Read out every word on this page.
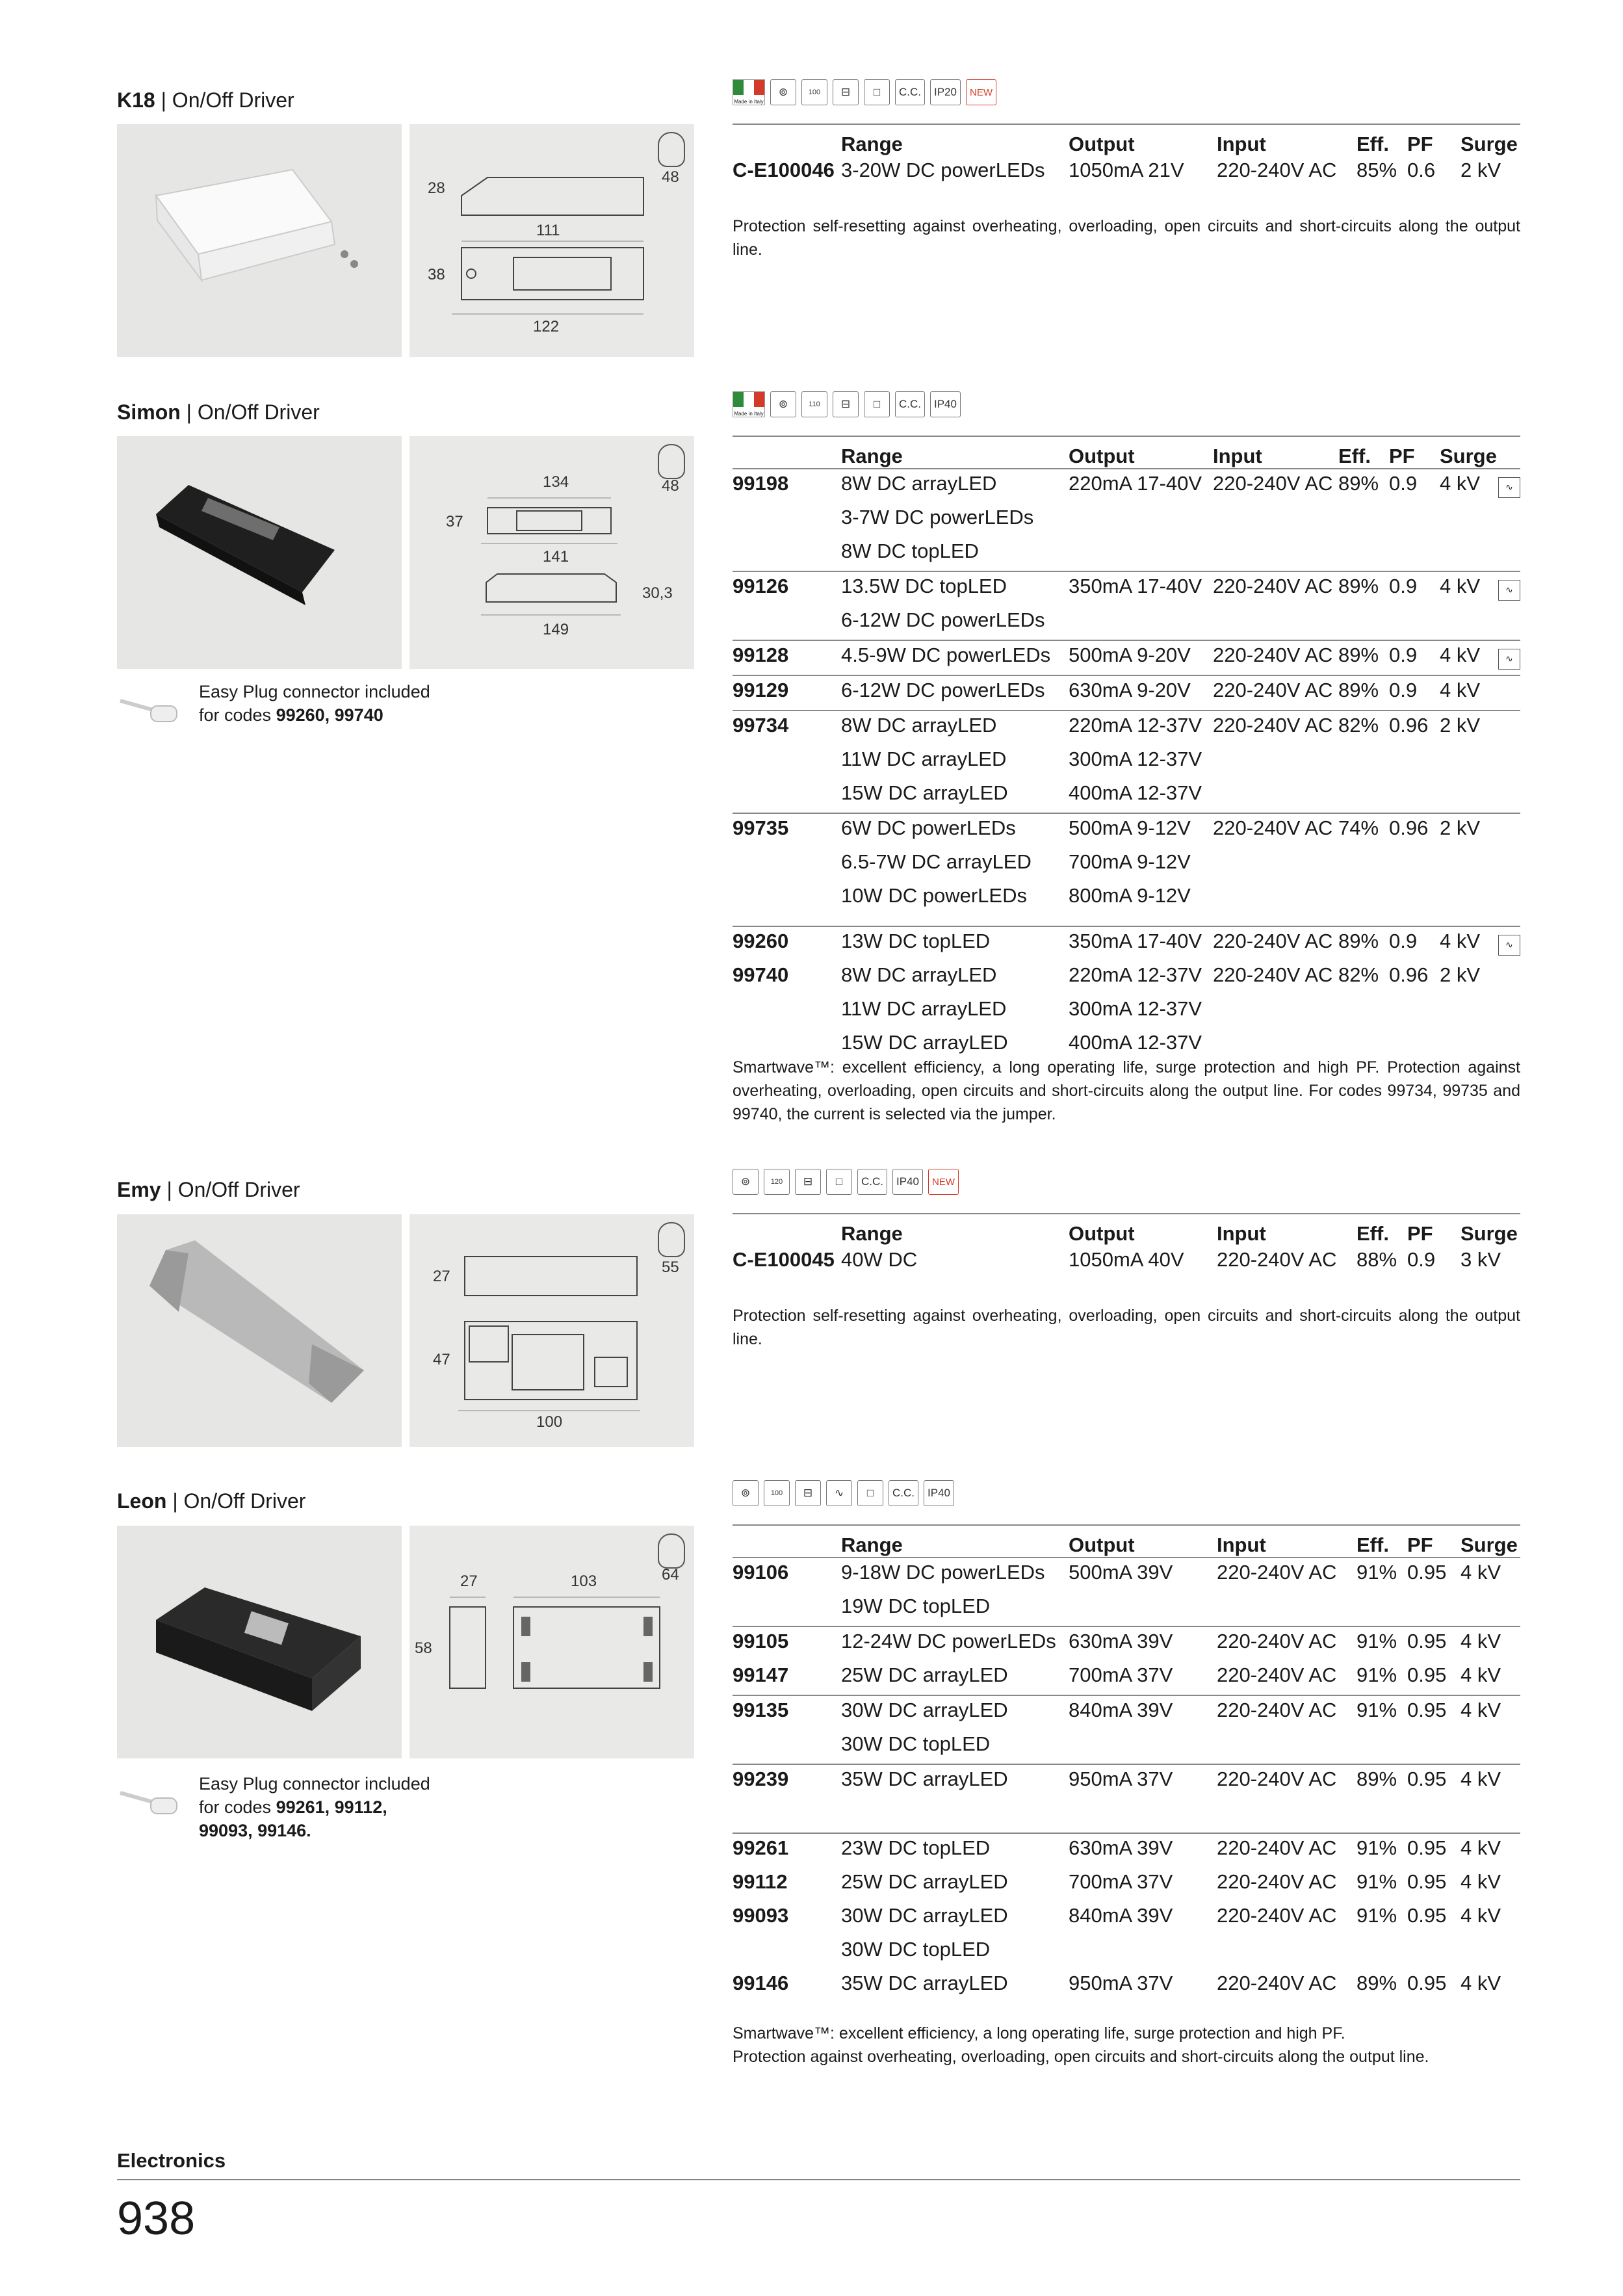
K18 | On/Off Driver
28
48
111
38
122
Made in Italy
⊚	100	⊟	□	C.C.	IP20	NEW
	Range	Output	Input	Eff.	PF	Surge
C-E100046	3-20W DC powerLEDs	1050mA 21V	220-240V AC	85%	0.6	2 kV
Protection self-resetting against overheating, overloading, open circuits and short-circuits along the output line.
Simon | On/Off Driver
134	48
37
141
30,3
149
Easy Plug connector included
for codes 99260, 99740
Made in Italy
⊚	110	⊟	□	C.C.	IP40
	Range	Output	Input	Eff.	PF	Surge	
99198	8W DC arrayLED	220mA 17-40V	220-240V AC	89%	0.9	4 kV	∿
	3-7W DC powerLEDs						
	8W DC topLED						
99126	13.5W DC topLED	350mA 17-40V	220-240V AC	89%	0.9	4 kV	∿
	6-12W DC powerLEDs						
99128	4.5-9W DC powerLEDs	500mA 9-20V	220-240V AC	89%	0.9	4 kV	∿
99129	6-12W DC powerLEDs	630mA 9-20V	220-240V AC	89%	0.9	4 kV	
99734	8W DC arrayLED	220mA 12-37V	220-240V AC	82%	0.96	2 kV	
	11W DC arrayLED	300mA 12-37V					
	15W DC arrayLED	400mA 12-37V					
99735	6W DC powerLEDs	500mA 9-12V	220-240V AC	74%	0.96	2 kV	
	6.5-7W DC arrayLED	700mA 9-12V					
	10W DC powerLEDs	800mA 9-12V					

99260	13W DC topLED	350mA 17-40V	220-240V AC	89%	0.9	4 kV	∿
99740	8W DC arrayLED	220mA 12-37V	220-240V AC	82%	0.96	2 kV	
	11W DC arrayLED	300mA 12-37V					
	15W DC arrayLED	400mA 12-37V					
Smartwave™: excellent efficiency, a long operating life, surge protection and high PF. Protection against overheating, overloading, open circuits and short-circuits along the output line. For codes 99734, 99735 and 99740, the current is selected via the jumper.
Emy | On/Off Driver
27
55
47
100
⊚	120	⊟	□	C.C.	IP40	NEW
	Range	Output	Input	Eff.	PF	Surge
C-E100045	40W DC	1050mA 40V	220-240V AC	88%	0.9	3 kV
Protection self-resetting against overheating, overloading, open circuits and short-circuits along the output line.
Leon | On/Off Driver
27	103	64
58
Easy Plug connector included
for codes 99261, 99112,
99093, 99146.
⊚	100	⊟	∿	□	C.C.	IP40
	Range	Output	Input	Eff.	PF	Surge
99106	9-18W DC powerLEDs	500mA 39V	220-240V AC	91%	0.95	4 kV
	19W DC topLED					
99105	12-24W DC powerLEDs	630mA 39V	220-240V AC	91%	0.95	4 kV
99147	25W DC arrayLED	700mA 37V	220-240V AC	91%	0.95	4 kV
99135	30W DC arrayLED	840mA 39V	220-240V AC	91%	0.95	4 kV
	30W DC topLED					
99239	35W DC arrayLED	950mA 37V	220-240V AC	89%	0.95	4 kV

99261	23W DC topLED	630mA 39V	220-240V AC	91%	0.95	4 kV
99112	25W DC arrayLED	700mA 37V	220-240V AC	91%	0.95	4 kV
99093	30W DC arrayLED	840mA 39V	220-240V AC	91%	0.95	4 kV
	30W DC topLED					
99146	35W DC arrayLED	950mA 37V	220-240V AC	89%	0.95	4 kV
Smartwave™: excellent efficiency, a long operating life, surge protection and high PF.
Protection against overheating, overloading, open circuits and short-circuits along the output line.
Electronics
938
